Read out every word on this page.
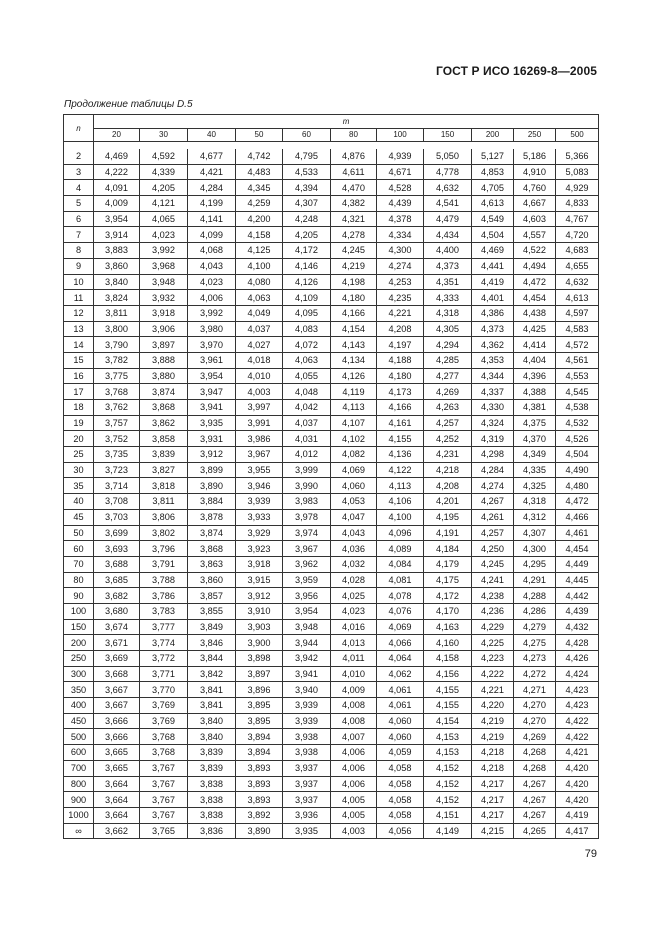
ГОСТ Р ИСО 16269-8—2005
Продолжение таблицы D.5
n	m										
	20	30	40	50	60	80	100	150	200	250	500

2	4,469	4,592	4,677	4,742	4,795	4,876	4,939	5,050	5,127	5,186	5,366
3	4,222	4,339	4,421	4,483	4,533	4,611	4,671	4,778	4,853	4,910	5,083
4	4,091	4,205	4,284	4,345	4,394	4,470	4,528	4,632	4,705	4,760	4,929
5	4,009	4,121	4,199	4,259	4,307	4,382	4,439	4,541	4,613	4,667	4,833
6	3,954	4,065	4,141	4,200	4,248	4,321	4,378	4,479	4,549	4,603	4,767
7	3,914	4,023	4,099	4,158	4,205	4,278	4,334	4,434	4,504	4,557	4,720
8	3,883	3,992	4,068	4,125	4,172	4,245	4,300	4,400	4,469	4,522	4,683
9	3,860	3,968	4,043	4,100	4,146	4,219	4,274	4,373	4,441	4,494	4,655
10	3,840	3,948	4,023	4,080	4,126	4,198	4,253	4,351	4,419	4,472	4,632
11	3,824	3,932	4,006	4,063	4,109	4,180	4,235	4,333	4,401	4,454	4,613
12	3,811	3,918	3,992	4,049	4,095	4,166	4,221	4,318	4,386	4,438	4,597
13	3,800	3,906	3,980	4,037	4,083	4,154	4,208	4,305	4,373	4,425	4,583
14	3,790	3,897	3,970	4,027	4,072	4,143	4,197	4,294	4,362	4,414	4,572
15	3,782	3,888	3,961	4,018	4,063	4,134	4,188	4,285	4,353	4,404	4,561
16	3,775	3,880	3,954	4,010	4,055	4,126	4,180	4,277	4,344	4,396	4,553
17	3,768	3,874	3,947	4,003	4,048	4,119	4,173	4,269	4,337	4,388	4,545
18	3,762	3,868	3,941	3,997	4,042	4,113	4,166	4,263	4,330	4,381	4,538
19	3,757	3,862	3,935	3,991	4,037	4,107	4,161	4,257	4,324	4,375	4,532
20	3,752	3,858	3,931	3,986	4,031	4,102	4,155	4,252	4,319	4,370	4,526
25	3,735	3,839	3,912	3,967	4,012	4,082	4,136	4,231	4,298	4,349	4,504
30	3,723	3,827	3,899	3,955	3,999	4,069	4,122	4,218	4,284	4,335	4,490
35	3,714	3,818	3,890	3,946	3,990	4,060	4,113	4,208	4,274	4,325	4,480
40	3,708	3,811	3,884	3,939	3,983	4,053	4,106	4,201	4,267	4,318	4,472
45	3,703	3,806	3,878	3,933	3,978	4,047	4,100	4,195	4,261	4,312	4,466
50	3,699	3,802	3,874	3,929	3,974	4,043	4,096	4,191	4,257	4,307	4,461
60	3,693	3,796	3,868	3,923	3,967	4,036	4,089	4,184	4,250	4,300	4,454
70	3,688	3,791	3,863	3,918	3,962	4,032	4,084	4,179	4,245	4,295	4,449
80	3,685	3,788	3,860	3,915	3,959	4,028	4,081	4,175	4,241	4,291	4,445
90	3,682	3,786	3,857	3,912	3,956	4,025	4,078	4,172	4,238	4,288	4,442
100	3,680	3,783	3,855	3,910	3,954	4,023	4,076	4,170	4,236	4,286	4,439
150	3,674	3,777	3,849	3,903	3,948	4,016	4,069	4,163	4,229	4,279	4,432
200	3,671	3,774	3,846	3,900	3,944	4,013	4,066	4,160	4,225	4,275	4,428
250	3,669	3,772	3,844	3,898	3,942	4,011	4,064	4,158	4,223	4,273	4,426
300	3,668	3,771	3,842	3,897	3,941	4,010	4,062	4,156	4,222	4,272	4,424
350	3,667	3,770	3,841	3,896	3,940	4,009	4,061	4,155	4,221	4,271	4,423
400	3,667	3,769	3,841	3,895	3,939	4,008	4,061	4,155	4,220	4,270	4,423
450	3,666	3,769	3,840	3,895	3,939	4,008	4,060	4,154	4,219	4,270	4,422
500	3,666	3,768	3,840	3,894	3,938	4,007	4,060	4,153	4,219	4,269	4,422
600	3,665	3,768	3,839	3,894	3,938	4,006	4,059	4,153	4,218	4,268	4,421
700	3,665	3,767	3,839	3,893	3,937	4,006	4,058	4,152	4,218	4,268	4,420
800	3,664	3,767	3,838	3,893	3,937	4,006	4,058	4,152	4,217	4,267	4,420
900	3,664	3,767	3,838	3,893	3,937	4,005	4,058	4,152	4,217	4,267	4,420
1000	3,664	3,767	3,838	3,892	3,936	4,005	4,058	4,151	4,217	4,267	4,419
∞	3,662	3,765	3,836	3,890	3,935	4,003	4,056	4,149	4,215	4,265	4,417
79
